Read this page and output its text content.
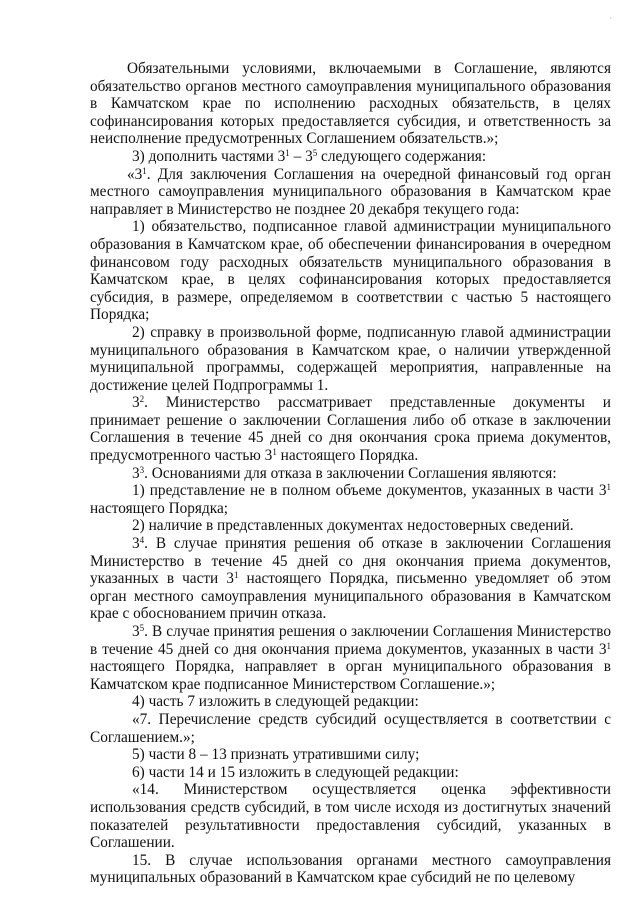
·

Обязательными условиями, включаемыми в Соглашение, являются обязательство органов местного самоуправления муниципального образования в Камчатском крае по исполнению расходных обязательств, в целях софинансирования которых предоставляется субсидия, и ответственность за неисполнение предусмотренных Соглашением обязательств.»;

3) дополнить частями $3^1 - 3^5$ следующего содержания:

«$3^1$. Для заключения Соглашения на очередной финансовый год орган местного самоуправления муниципального образования в Камчатском крае направляет в Министерство не позднее 20 декабря текущего года:

1) обязательство, подписанное главой администрации муниципального образования в Камчатском крае, об обеспечении финансирования в очередном финансовом году расходных обязательств муниципального образования в Камчатском крае, в целях софинансирования которых предоставляется субсидия, в размере, определяемом в соответствии с частью 5 настоящего Порядка;

2) справку в произвольной форме, подписанную главой администрации муниципального образования в Камчатском крае, о наличии утвержденной муниципальной программы, содержащей мероприятия, направленные на достижение целей Подпрограммы 1.

$3^2$. Министерство рассматривает представленные документы и принимает решение о заключении Соглашения либо об отказе в заключении Соглашения в течение 45 дней со дня окончания срока приема документов, предусмотренного частью $3^1$ настоящего Порядка.

$3^3$. Основаниями для отказа в заключении Соглашения являются:

1) представление не в полном объеме документов, указанных в части $3^1$ настоящего Порядка;

2) наличие в представленных документах недостоверных сведений.

$3^4$. В случае принятия решения об отказе в заключении Соглашения Министерство в течение 45 дней со дня окончания приема документов, указанных в части $3^1$ настоящего Порядка, письменно уведомляет об этом орган местного самоуправления муниципального образования в Камчатском крае с обоснованием причин отказа.

$3^5$. В случае принятия решения о заключении Соглашения Министерство в течение 45 дней со дня окончания приема документов, указанных в части $3^1$ настоящего Порядка, направляет в орган муниципального образования в Камчатском крае подписанное Министерством Соглашение.»;

4) часть 7 изложить в следующей редакции:

«7. Перечисление средств субсидий осуществляется в соответствии с Соглашением.»;

5) части 8 – 13 признать утратившими силу;

6) части 14 и 15 изложить в следующей редакции:

«14. Министерством осуществляется оценка эффективности использования средств субсидий, в том числе исходя из достигнутых значений показателей результативности предоставления субсидий, указанных в Соглашении.

15. В случае использования органами местного самоуправления муниципальных образований в Камчатском крае субсидий не по целевому
